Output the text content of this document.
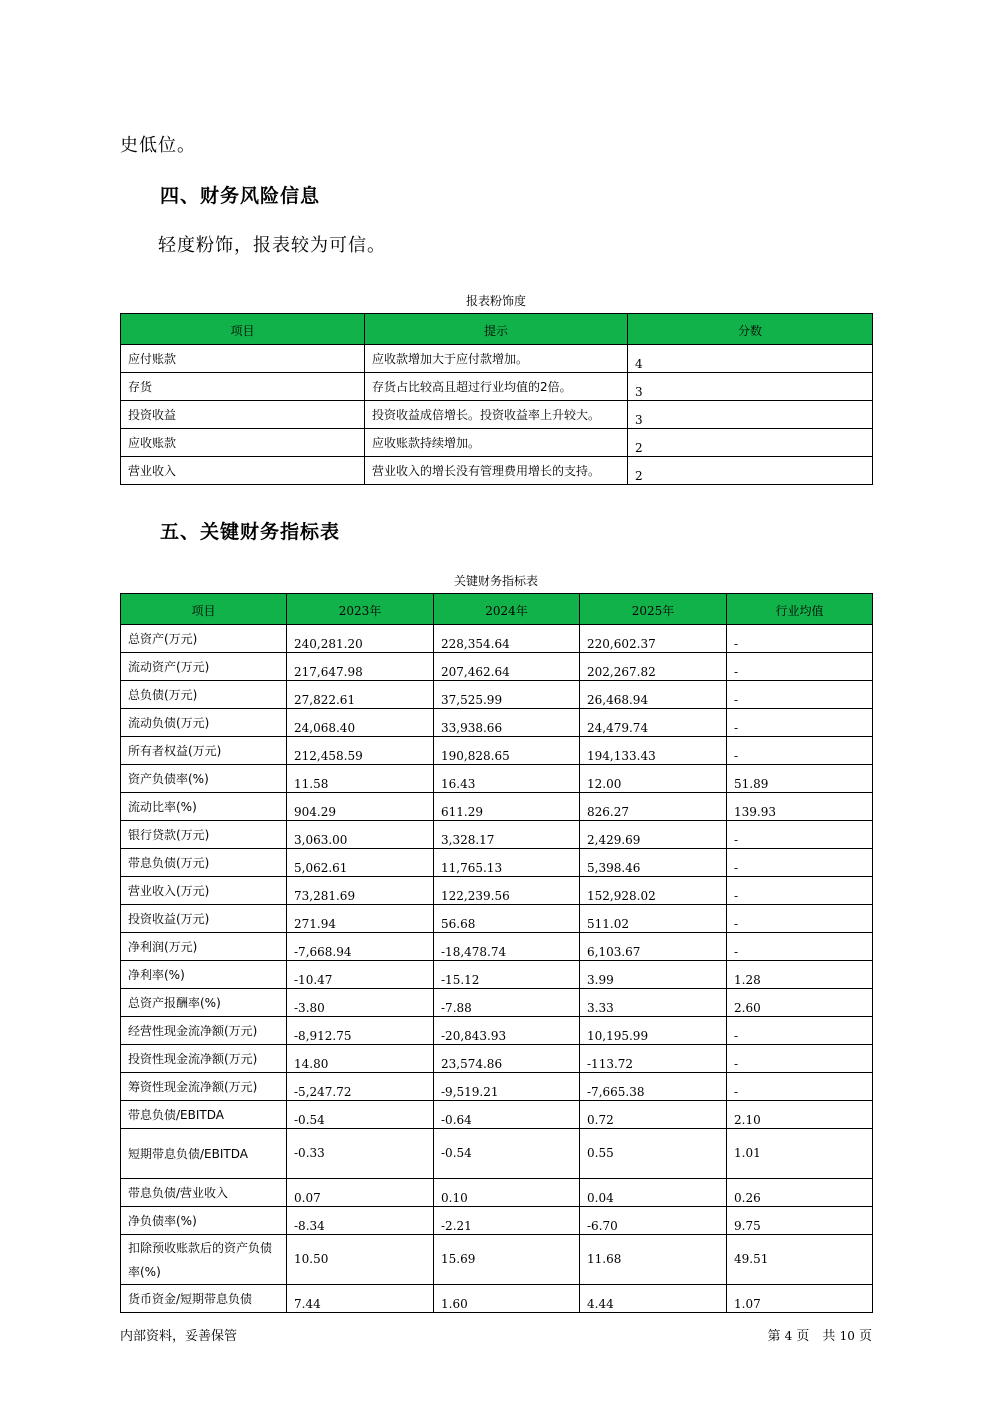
史低位。
四、财务风险信息
轻度粉饰，报表较为可信。
报表粉饰度
项目	提示	分数
应付账款	应收款增加大于应付款增加。	4
存货	存货占比较高且超过行业均值的2倍。	3
投资收益	投资收益成倍增长。投资收益率上升较大。	3
应收账款	应收账款持续增加。	2
营业收入	营业收入的增长没有管理费用增长的支持。	2
五、关键财务指标表
关键财务指标表
项目	2023年	2024年	2025年	行业均值
总资产(万元)	240,281.20	228,354.64	220,602.37	-
流动资产(万元)	217,647.98	207,462.64	202,267.82	-
总负债(万元)	27,822.61	37,525.99	26,468.94	-
流动负债(万元)	24,068.40	33,938.66	24,479.74	-
所有者权益(万元)	212,458.59	190,828.65	194,133.43	-
资产负债率(%)	11.58	16.43	12.00	51.89
流动比率(%)	904.29	611.29	826.27	139.93
银行贷款(万元)	3,063.00	3,328.17	2,429.69	-
带息负债(万元)	5,062.61	11,765.13	5,398.46	-
营业收入(万元)	73,281.69	122,239.56	152,928.02	-
投资收益(万元)	271.94	56.68	511.02	-
净利润(万元)	-7,668.94	-18,478.74	6,103.67	-
净利率(%)	-10.47	-15.12	3.99	1.28
总资产报酬率(%)	-3.80	-7.88	3.33	2.60
经营性现金流净额(万元)	-8,912.75	-20,843.93	10,195.99	-
投资性现金流净额(万元)	14.80	23,574.86	-113.72	-
筹资性现金流净额(万元)	-5,247.72	-9,519.21	-7,665.38	-
带息负债/EBITDA	-0.54	-0.64	0.72	2.10
短期带息负债/EBITDA	-0.33	-0.54	0.55	1.01
带息负债/营业收入	0.07	0.10	0.04	0.26
净负债率(%)	-8.34	-2.21	-6.70	9.75
扣除预收账款后的资产负债率(%)	10.50	15.69	11.68	49.51
货币资金/短期带息负债	7.44	1.60	4.44	1.07
内部资料，妥善保管	第 4 页　共 10 页
